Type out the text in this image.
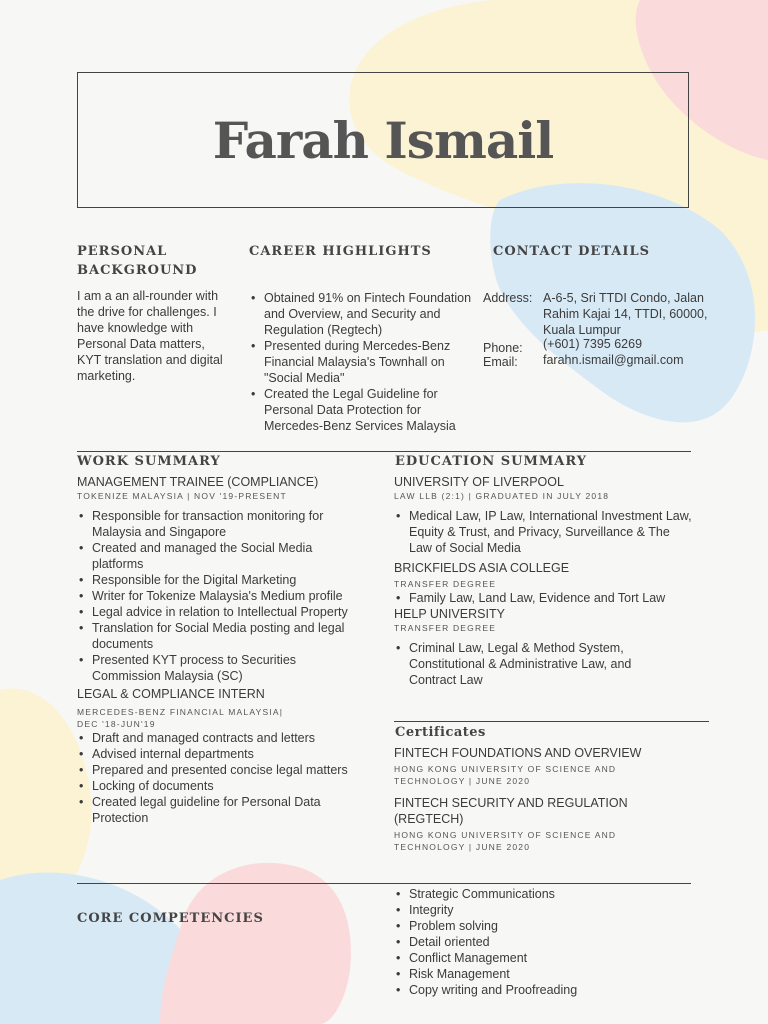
Farah Ismail
PERSONAL BACKGROUND
I am a an all-rounder with the drive for challenges. I have knowledge with Personal Data matters, KYT translation and digital marketing.
CAREER HIGHLIGHTS
• Obtained 91% on Fintech Foundation and Overview, and Security and Regulation (Regtech)
• Presented during Mercedes-Benz Financial Malaysia's Townhall on "Social Media"
• Created the Legal Guideline for Personal Data Protection for Mercedes-Benz Services Malaysia
CONTACT DETAILS
Address: A-6-5, Sri TTDI Condo, Jalan Rahim Kajai 14, TTDI, 60000, Kuala Lumpur
Phone:	(+601) 7395 6269
Email:	farahn.ismail@gmail.com
WORK SUMMARY
MANAGEMENT TRAINEE (COMPLIANCE)
TOKENIZE MALAYSIA | NOV '19-PRESENT
• Responsible for transaction monitoring for Malaysia and Singapore
• Created and managed the Social Media platforms
• Responsible for the Digital Marketing
• Writer for Tokenize Malaysia's Medium profile
• Legal advice in relation to Intellectual Property
• Translation for Social Media posting and legal documents
• Presented KYT process to Securities Commission Malaysia (SC)
LEGAL & COMPLIANCE INTERN
MERCEDES-BENZ FINANCIAL MALAYSIA| DEC '18-JUN'19
• Draft and managed contracts and letters
• Advised internal departments
• Prepared and presented concise legal matters
• Locking of documents
• Created legal guideline for Personal Data Protection
EDUCATION SUMMARY
UNIVERSITY OF LIVERPOOL
LAW LLB (2:1) | GRADUATED IN JULY 2018
• Medical Law, IP Law, International Investment Law, Equity & Trust, and Privacy, Surveillance & The Law of Social Media
BRICKFIELDS ASIA COLLEGE
TRANSFER DEGREE
• Family Law, Land Law, Evidence and Tort Law
HELP UNIVERSITY
TRANSFER DEGREE
• Criminal Law, Legal & Method System, Constitutional & Administrative Law, and Contract Law
Certificates
FINTECH FOUNDATIONS AND OVERVIEW
HONG KONG UNIVERSITY OF SCIENCE AND TECHNOLOGY | JUNE 2020
FINTECH SECURITY AND REGULATION (REGTECH)
HONG KONG UNIVERSITY OF SCIENCE AND TECHNOLOGY | JUNE 2020
CORE COMPETENCIES
• Strategic Communications
• Integrity
• Problem solving
• Detail oriented
• Conflict Management
• Risk Management
• Copy writing and Proofreading
